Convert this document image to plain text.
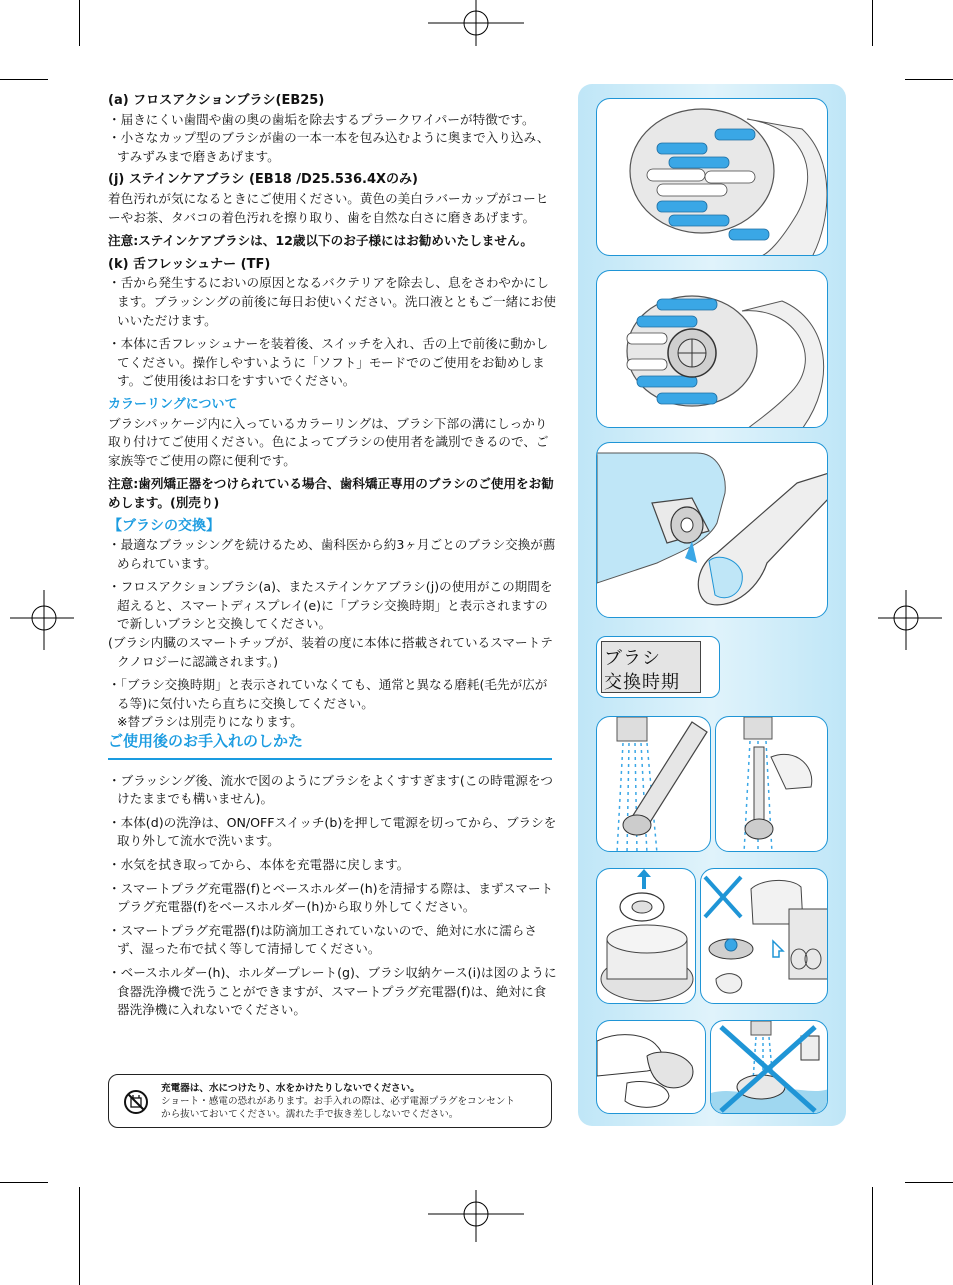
(a) フロスアクションブラシ(EB25)

・届きにくい歯間や歯の奥の歯垢を除去するプラークワイパーが特徴です。

・小さなカップ型のブラシが歯の一本一本を包み込むように奥まで入り込み、すみずみまで磨きあげます。

(j) ステインケアブラシ (EB18 /D25.536.4Xのみ)

着色汚れが気になるときにご使用ください。黄色の美白ラバーカップがコーヒーやお茶、タバコの着色汚れを擦り取り、歯を自然な白さに磨きあげます。

注意:ステインケアブラシは、12歳以下のお子様にはお勧めいたしません。

(k) 舌フレッシュナー (TF)

・舌から発生するにおいの原因となるバクテリアを除去し、息をさわやかにします。ブラッシングの前後に毎日お使いください。洗口液とともご一緒にお使いいただけます。

・本体に舌フレッシュナーを装着後、スイッチを入れ、舌の上で前後に動かしてください。操作しやすいように「ソフト」モードでのご使用をお勧めします。ご使用後はお口をすすいでください。

カラーリングについて

ブラシパッケージ内に入っているカラーリングは、ブラシ下部の溝にしっかり取り付けてご使用ください。色によってブラシの使用者を識別できるので、ご家族等でご使用の際に便利です。

注意:歯列矯正器をつけられている場合、歯科矯正専用のブラシのご使用をお勧めします。(別売り)

【ブラシの交換】

・最適なブラッシングを続けるため、歯科医から約3ヶ月ごとのブラシ交換が薦められています。

・フロスアクションブラシ(a)、またステインケアブラシ(j)の使用がこの期間を超えると、スマートディスプレイ(e)に「ブラシ交換時期」と表示されますので新しいブラシと交換してください。

(ブラシ内臓のスマートチップが、装着の度に本体に搭載されているスマートテクノロジーに認識されます。)

・「ブラシ交換時期」と表示されていなくても、通常と異なる磨耗(毛先が広がる等)に気付いたら直ちに交換してください。

※替ブラシは別売りになります。

ご使用後のお手入れのしかた

・ブラッシング後、流水で図のようにブラシをよくすすぎます(この時電源をつけたままでも構いません)。

・本体(d)の洗浄は、ON/OFFスイッチ(b)を押して電源を切ってから、ブラシを取り外して流水で洗います。

・水気を拭き取ってから、本体を充電器に戻します。

・スマートプラグ充電器(f)とベースホルダー(h)を清掃する際は、まずスマートプラグ充電器(f)をベースホルダー(h)から取り外してください。

・スマートプラグ充電器(f)は防滴加工されていないので、絶対に水に濡らさず、湿った布で拭く等して清掃してください。

・ベースホルダー(h)、ホルダープレート(g)、ブラシ収納ケース(i)は図のように食器洗浄機で洗うことができますが、スマートプラグ充電器(f)は、絶対に食器洗浄機に入れないでください。

充電器は、水につけたり、水をかけたりしないでください。
ショート・感電の恐れがあります。お手入れの際は、必ず電源プラグをコンセント
から抜いておいてください。濡れた手で抜き差ししないでください。
ブラシ
交換時期
